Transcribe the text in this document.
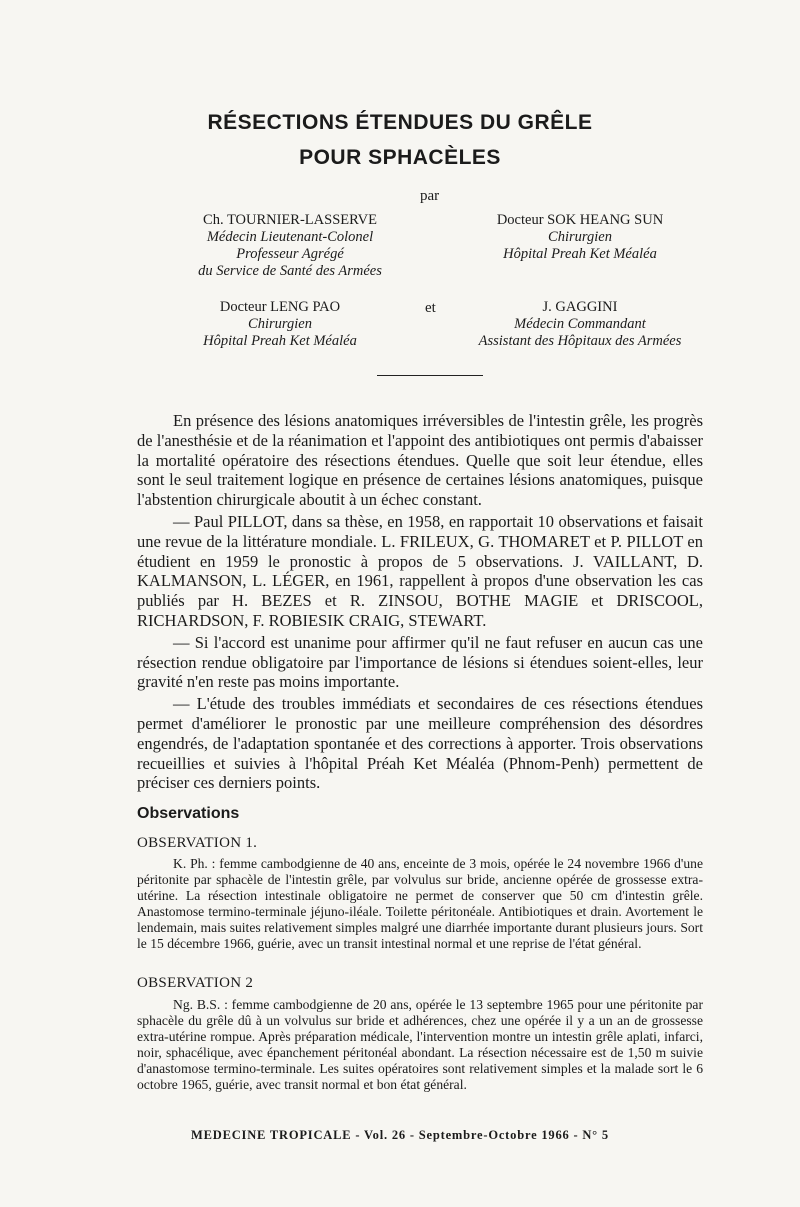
RÉSECTIONS ÉTENDUES DU GRÊLE
POUR SPHACÈLES
par
Ch. TOURNIER-LASSERVE
Médecin Lieutenant-Colonel
Professeur Agrégé
du Service de Santé des Armées
Docteur SOK HEANG SUN
Chirurgien
Hôpital Preah Ket Méaléa
Docteur LENG PAO
Chirurgien
Hôpital Preah Ket Méaléa
et	J. GAGGINI
Médecin Commandant
Assistant des Hôpitaux des Armées

En présence des lésions anatomiques irréversibles de l'intestin grêle, les progrès de l'anesthésie et de la réanimation et l'appoint des antibiotiques ont permis d'abaisser la mortalité opératoire des résections étendues. Quelle que soit leur étendue, elles sont le seul traitement logique en présence de certaines lésions anatomiques, puisque l'abstention chirurgicale aboutit à un échec constant.

— Paul PILLOT, dans sa thèse, en 1958, en rapportait 10 observations et faisait une revue de la littérature mondiale. L. FRILEUX, G. THOMARET et P. PILLOT en étudient en 1959 le pronostic à propos de 5 observations. J. VAILLANT, D. KALMANSON, L. LÉGER, en 1961, rappellent à propos d'une observation les cas publiés par H. BEZES et R. ZINSOU, BOTHE MAGIE et DRISCOOL, RICHARDSON, F. ROBIESIK CRAIG, STEWART.

— Si l'accord est unanime pour affirmer qu'il ne faut refuser en aucun cas une résection rendue obligatoire par l'importance de lésions si étendues soient-elles, leur gravité n'en reste pas moins importante.

— L'étude des troubles immédiats et secondaires de ces résections étendues permet d'améliorer le pronostic par une meilleure compréhension des désordres engendrés, de l'adaptation spontanée et des corrections à apporter. Trois observations recueillies et suivies à l'hôpital Préah Ket Méaléa (Phnom-Penh) permettent de préciser ces derniers points.

Observations
OBSERVATION 1.

K. Ph. : femme cambodgienne de 40 ans, enceinte de 3 mois, opérée le 24 novembre 1966 d'une péritonite par sphacèle de l'intestin grêle, par volvulus sur bride, ancienne opérée de grossesse extra-utérine. La résection intestinale obligatoire ne permet de conserver que 50 cm d'intestin grêle. Anastomose termino-terminale jéjuno-iléale. Toilette péritonéale. Antibiotiques et drain. Avortement le lendemain, mais suites relativement simples malgré une diarrhée importante durant plusieurs jours. Sort le 15 décembre 1966, guérie, avec un transit intestinal normal et une reprise de l'état général.

OBSERVATION 2

Ng. B.S. : femme cambodgienne de 20 ans, opérée le 13 septembre 1965 pour une péritonite par sphacèle du grêle dû à un volvulus sur bride et adhérences, chez une opérée il y a un an de grossesse extra-utérine rompue. Après préparation médicale, l'intervention montre un intestin grêle aplati, infarci, noir, sphacélique, avec épanchement péritonéal abondant. La résection nécessaire est de 1,50 m suivie d'anastomose termino-terminale. Les suites opératoires sont relativement simples et la malade sort le 6 octobre 1965, guérie, avec transit normal et bon état général.

MEDECINE TROPICALE - Vol. 26 - Septembre-Octobre 1966 - N° 5
